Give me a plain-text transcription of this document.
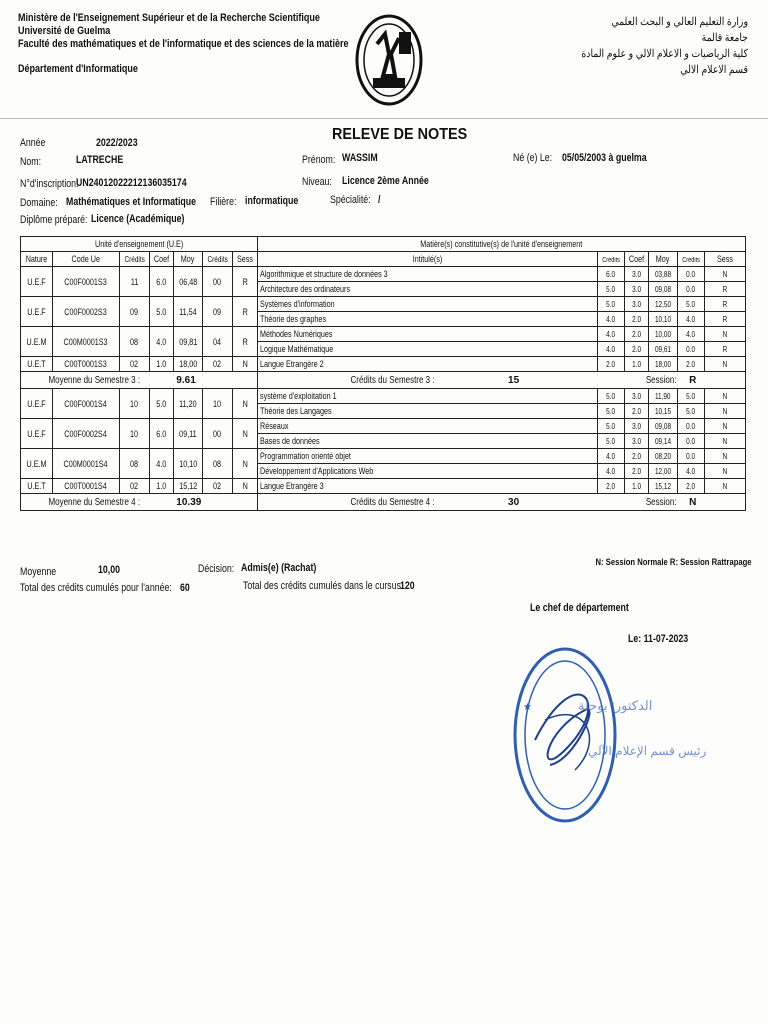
Ministère de l'Enseignement Supérieur et de la Recherche Scientifique
Université de Guelma
Faculté des mathématiques et de l'informatique et des sciences de la matière
Département d'Informatique
وزارة التعليم العالي و البحث العلمي
جامعة قالمة
كلية الرياضيات و الاعلام الالي و علوم المادة
قسم الاعلام الالي
RELEVE DE NOTES
Année	2022/2023
Nom:	LATRECHE	Prénom: WASSIM	Né (e) Le: 05/05/2003 à guelma
N°d'inscription:
UN24012022212136035174	Niveau: Licence 2ème Année
Domaine: Mathématiques et Informatique Filière: informatique	Spécialité: /
Diplôme préparé: Licence (Académique)
Unité d'enseignement (U.E)							Matière(s) constitutive(s) de l'unité d'enseignement					
Nature	Code Ue	Crédits	Coef	Moy	Crédits	Sess	Intitulé(s)	Crédits	Coef	Moy	Crédits	Sess
U.E.F	C00F0001S3	11	6.0	06,48	00	R	Algorithmique et structure de données 3	6.0	3.0	03,88	0.0	N
							Architecture des ordinateurs	5.0	3.0	09,08	0.0	R
U.E.F	C00F0002S3	09	5.0	11,54	09	R	Systèmes d'information	5.0	3.0	12,50	5.0	R
							Théorie des graphes	4.0	2.0	10,10	4.0	R
U.E.M	C00M0001S3	08	4.0	09,81	04	R	Méthodes Numériques	4.0	2.0	10,00	4.0	N
							Logique Mathématique	4.0	2.0	09,61	0.0	R
U.E.T	C00T0001S3	02	1.0	18,00	02	N	Langue Etrangère 2	2.0	1.0	18,00	2.0	N
Moyenne du Semestre 3 : 9.61							Crédits du Semestre 3 : 15 Session: R					
U.E.F	C00F0001S4	10	5.0	11,20	10	N	système d'exploitation 1	5.0	3.0	11,90	5.0	N
							Théorie des Langages	5.0	2.0	10,15	5.0	N
U.E.F	C00F0002S4	10	6.0	09,11	00	N	Réseaux	5.0	3.0	09,08	0.0	N
							Bases de données	5.0	3.0	09,14	0.0	N
U.E.M	C00M0001S4	08	4.0	10,10	08	N	Programmation orienté objet	4.0	2.0	08,20	0.0	N
							Développement d'Applications Web	4.0	2.0	12,00	4.0	N
U.E.T	C00T0001S4	02	1.0	15,12	02	N	Langue Etrangère 3	2.0	1.0	15,12	2.0	N
Moyenne du Semestre 4 : 10.39							Crédits du Semestre 4 : 30 Session: N					
N: Session Normale R: Session Rattrapage
Moyenne	10,00	Décision: Admis(e) (Rachat)
Total des crédits cumulés pour l'année: 60	Total des crédits cumulés dans le cursus:
120
Le chef de département
Le: 11-07-2023
★	الدكتور: بوحلة
رئيس قسم الإعلام الآلي
